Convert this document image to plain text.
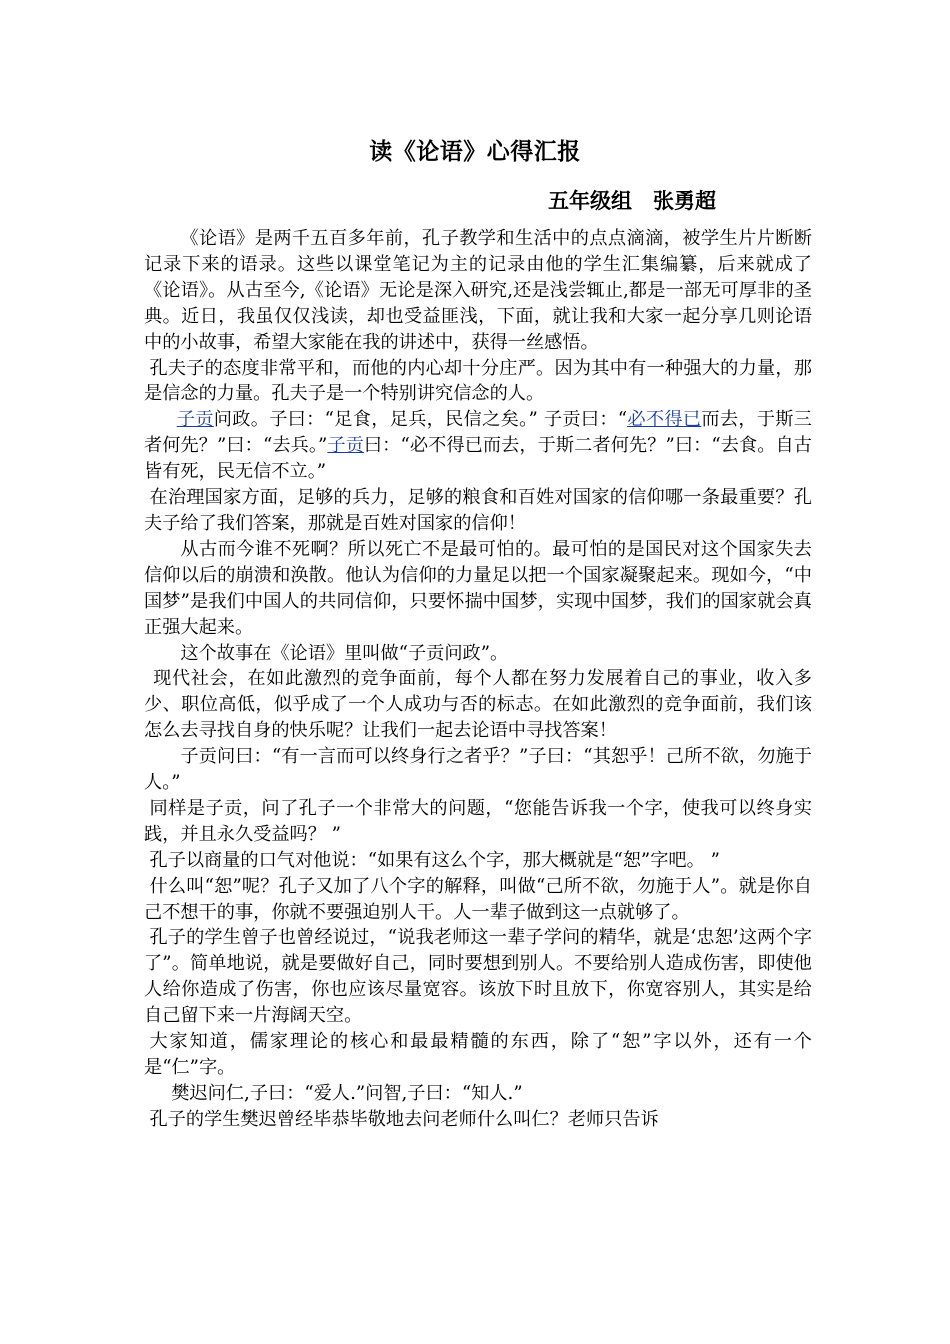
读《论语》心得汇报
五年级组　张勇超

《论语》是两千五百多年前，孔子教学和生活中的点点滴滴，被学生片片断断记录下来的语录。这些以课堂笔记为主的记录由他的学生汇集编纂，后来就成了《论语》。从古至今,《论语》无论是深入研究,还是浅尝辄止,都是一部无可厚非的圣典。近日，我虽仅仅浅读，却也受益匪浅，下面，就让我和大家一起分享几则论语中的小故事，希望大家能在我的讲述中，获得一丝感悟。

孔夫子的态度非常平和，而他的内心却十分庄严。因为其中有一种强大的力量，那是信念的力量。孔夫子是一个特别讲究信念的人。

子贡问政。子曰：“足食，足兵，民信之矣。” 子贡曰：“必不得已而去，于斯三者何先？”曰：“去兵。”子贡曰：“必不得已而去，于斯二者何先？”曰：“去食。自古皆有死，民无信不立。”

在治理国家方面，足够的兵力，足够的粮食和百姓对国家的信仰哪一条最重要？孔夫子给了我们答案，那就是百姓对国家的信仰！

从古而今谁不死啊？所以死亡不是最可怕的。最可怕的是国民对这个国家失去信仰以后的崩溃和涣散。他认为信仰的力量足以把一个国家凝聚起来。现如今，“中国梦”是我们中国人的共同信仰，只要怀揣中国梦，实现中国梦，我们的国家就会真正强大起来。

这个故事在《论语》里叫做“子贡问政”。

现代社会，在如此激烈的竞争面前，每个人都在努力发展着自己的事业，收入多少、职位高低，似乎成了一个人成功与否的标志。在如此激烈的竞争面前，我们该怎么去寻找自身的快乐呢？让我们一起去论语中寻找答案！

子贡问曰：“有一言而可以终身行之者乎？”子曰：“其恕乎！己所不欲，勿施于人。”

同样是子贡，问了孔子一个非常大的问题，“您能告诉我一个字，使我可以终身实践，并且永久受益吗？ ”

孔子以商量的口气对他说：“如果有这么个字，那大概就是“恕”字吧。 ”

什么叫“恕”呢？孔子又加了八个字的解释，叫做“己所不欲，勿施于人”。就是你自己不想干的事，你就不要强迫别人干。人一辈子做到这一点就够了。

孔子的学生曾子也曾经说过，“说我老师这一辈子学问的精华，就是‘忠恕’这两个字了”。简单地说，就是要做好自己，同时要想到别人。不要给别人造成伤害，即使他人给你造成了伤害，你也应该尽量宽容。该放下时且放下，你宽容别人，其实是给自己留下来一片海阔天空。

大家知道，儒家理论的核心和最最精髓的东西，除了“恕”字以外，还有一个是“仁”字。

樊迟问仁,子曰：“爱人.”问智,子曰：“知人.”

孔子的学生樊迟曾经毕恭毕敬地去问老师什么叫仁？老师只告诉
